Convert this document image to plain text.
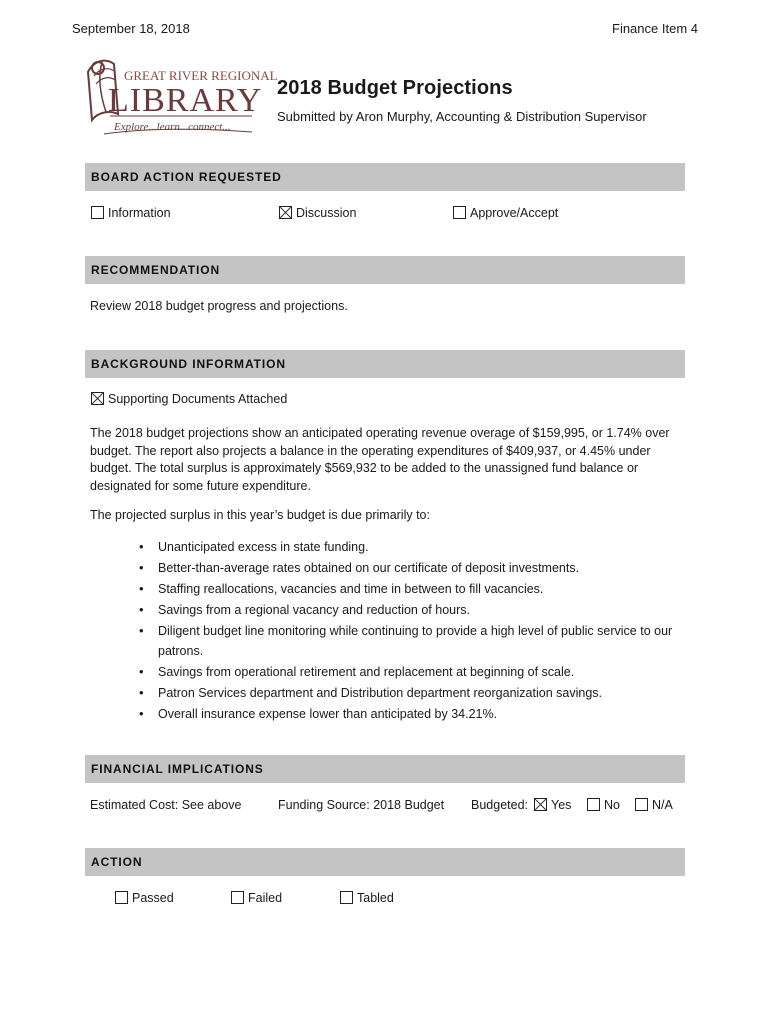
September 18, 2018	Finance Item 4
GREAT RIVER REGIONAL
LIBRARY
Explore...learn...connect...
2018 Budget Projections
Submitted by Aron Murphy, Accounting & Distribution Supervisor
BOARD ACTION REQUESTED
Information	Discussion	Approve/Accept
RECOMMENDATION
Review 2018 budget progress and projections.
BACKGROUND INFORMATION
Supporting Documents Attached
The 2018 budget projections show an anticipated operating revenue overage of $159,995, or 1.74% over budget. The report also projects a balance in the operating expenditures of $409,937, or 4.45% under budget. The total surplus is approximately $569,932 to be added to the unassigned fund balance or designated for some future expenditure.
The projected surplus in this year’s budget is due primarily to:
• Unanticipated excess in state funding.
• Better-than-average rates obtained on our certificate of deposit investments.
• Staffing reallocations, vacancies and time in between to fill vacancies.
• Savings from a regional vacancy and reduction of hours.
• Diligent budget line monitoring while continuing to provide a high level of public service to our patrons.
• Savings from operational retirement and replacement at beginning of scale.
• Patron Services department and Distribution department reorganization savings.
• Overall insurance expense lower than anticipated by 34.21%.
FINANCIAL IMPLICATIONS
Estimated Cost: See above	Funding Source: 2018 Budget Budgeted:	Yes	No	N/A
ACTION
Passed	Failed	Tabled
